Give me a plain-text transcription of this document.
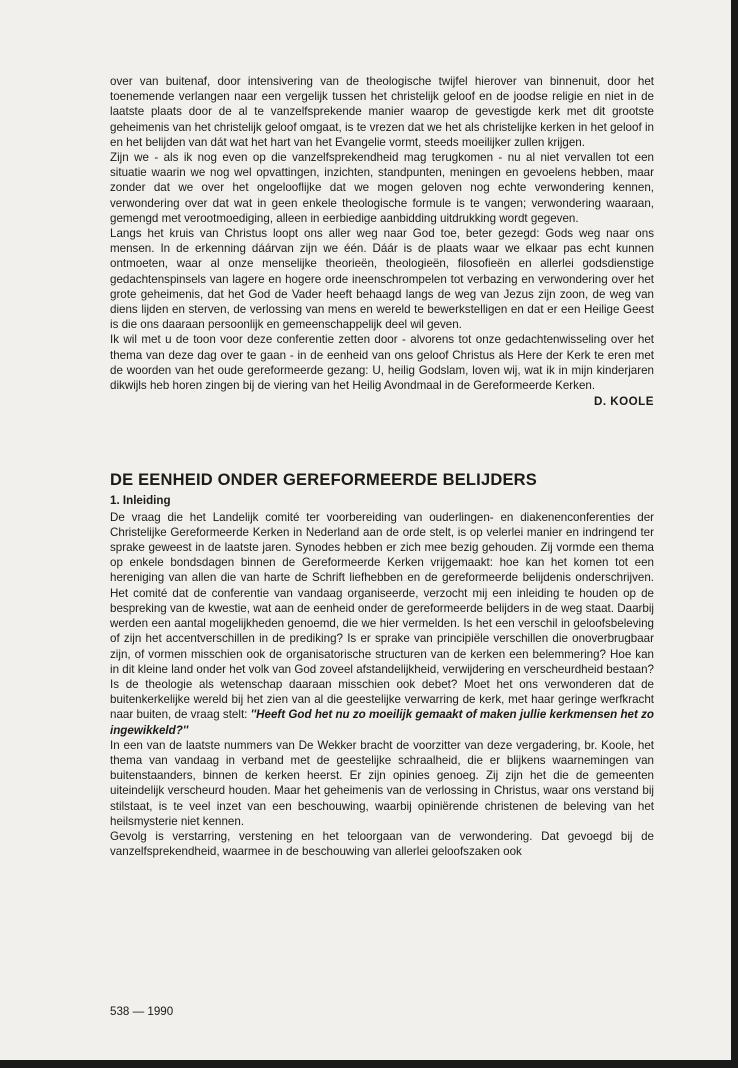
over van buitenaf, door intensivering van de theologische twijfel hierover van binnenuit, door het toenemende verlangen naar een vergelijk tussen het christelijk geloof en de joodse religie en niet in de laatste plaats door de al te vanzelfsprekende manier waarop de gevestigde kerk met dit grootste geheimenis van het christelijk geloof omgaat, is te vrezen dat we het als christelijke kerken in het geloof in en het belijden van dát wat het hart van het Evangelie vormt, steeds moeilijker zullen krijgen.

Zijn we - als ik nog even op die vanzelfsprekendheid mag terugkomen - nu al niet vervallen tot een situatie waarin we nog wel opvattingen, inzichten, standpunten, meningen en gevoelens hebben, maar zonder dat we over het ongelooflijke dat we mogen geloven nog echte verwondering kennen, verwondering over dat wat in geen enkele theologische formule is te vangen; verwondering waaraan, gemengd met verootmoediging, alleen in eerbiedige aanbidding uitdrukking wordt gegeven.

Langs het kruis van Christus loopt ons aller weg naar God toe, beter gezegd: Gods weg naar ons mensen. In de erkenning dáárvan zijn we één. Dáár is de plaats waar we elkaar pas echt kunnen ontmoeten, waar al onze menselijke theorieën, theologieën, filosofieën en allerlei godsdienstige gedachtenspinsels van lagere en hogere orde ineenschrompelen tot verbazing en verwondering over het grote geheimenis, dat het God de Vader heeft behaagd langs de weg van Jezus zijn zoon, de weg van diens lijden en sterven, de verlossing van mens en wereld te bewerkstelligen en dat er een Heilige Geest is die ons daaraan persoonlijk en gemeenschappelijk deel wil geven.

Ik wil met u de toon voor deze conferentie zetten door - alvorens tot onze gedachtenwisseling over het thema van deze dag over te gaan - in de eenheid van ons geloof Christus als Here der Kerk te eren met de woorden van het oude gereformeerde gezang: U, heilig Godslam, loven wij, wat ik in mijn kinderjaren dikwijls heb horen zingen bij de viering van het Heilig Avondmaal in de Gereformeerde Kerken.

D. KOOLE
DE EENHEID ONDER GEREFORMEERDE BELIJDERS
1. Inleiding

De vraag die het Landelijk comité ter voorbereiding van ouderlingen- en diakenenconferenties der Christelijke Gereformeerde Kerken in Nederland aan de orde stelt, is op velerlei manier en indringend ter sprake geweest in de laatste jaren. Synodes hebben er zich mee bezig gehouden. Zij vormde een thema op enkele bondsdagen binnen de Gereformeerde Kerken vrijgemaakt: hoe kan het komen tot een hereniging van allen die van harte de Schrift liefhebben en de gereformeerde belijdenis onderschrijven. Het comité dat de conferentie van vandaag organiseerde, verzocht mij een inleiding te houden op de bespreking van de kwestie, wat aan de eenheid onder de gereformeerde belijders in de weg staat. Daarbij werden een aantal mogelijkheden genoemd, die we hier vermelden. Is het een verschil in geloofsbeleving of zijn het accentverschillen in de prediking? Is er sprake van principiële verschillen die onoverbrugbaar zijn, of vormen misschien ook de organisatorische structuren van de kerken een belemmering? Hoe kan in dit kleine land onder het volk van God zoveel afstandelijkheid, verwijdering en verscheurdheid bestaan? Is de theologie als wetenschap daaraan misschien ook debet? Moet het ons verwonderen dat de buitenkerkelijke wereld bij het zien van al die geestelijke verwarring de kerk, met haar geringe werfkracht naar buiten, de vraag stelt: ''Heeft God het nu zo moeilijk gemaakt of maken jullie kerkmensen het zo ingewikkeld?''

In een van de laatste nummers van De Wekker bracht de voorzitter van deze vergadering, br. Koole, het thema van vandaag in verband met de geestelijke schraalheid, die er blijkens waarnemingen van buitenstaanders, binnen de kerken heerst. Er zijn opinies genoeg. Zij zijn het die de gemeenten uiteindelijk verscheurd houden. Maar het geheimenis van de verlossing in Christus, waar ons verstand bij stilstaat, is te veel inzet van een beschouwing, waarbij opiniërende christenen de beleving van het heilsmysterie niet kennen.

Gevolg is verstarring, verstening en het teloorgaan van de verwondering. Dat gevoegd bij de vanzelfsprekendheid, waarmee in de beschouwing van allerlei geloofszaken ook

538 — 1990
